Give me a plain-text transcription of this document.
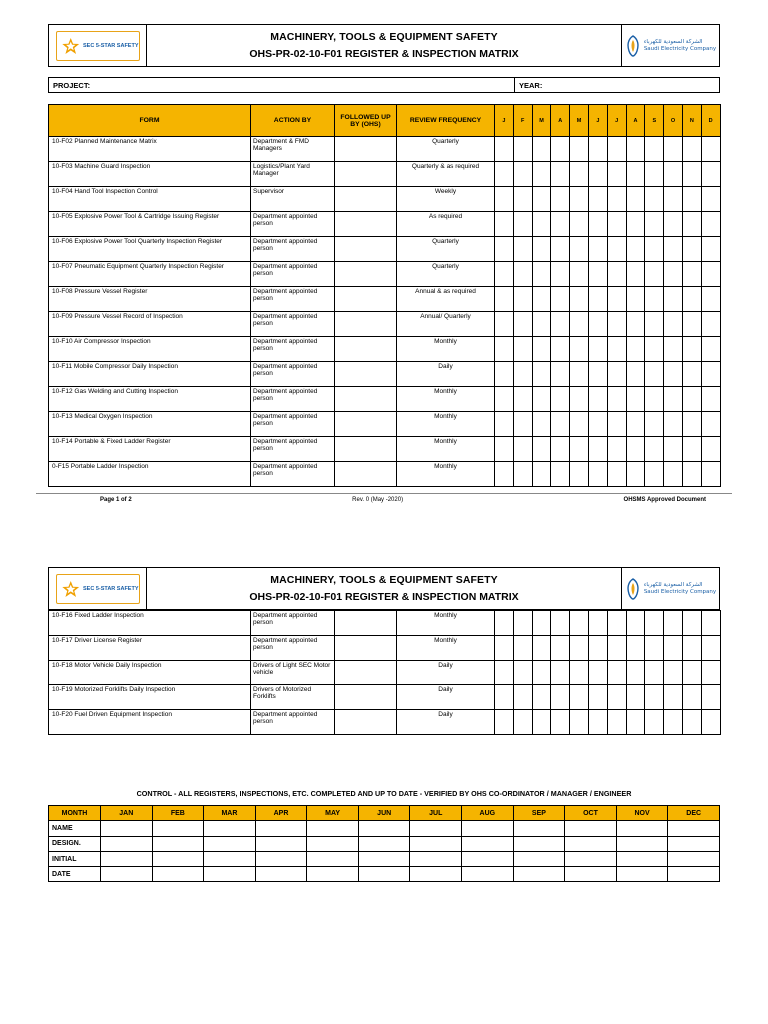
SEC 5-STAR SAFETY
MACHINERY, TOOLS & EQUIPMENT SAFETY
OHS-PR-02-10-F01 REGISTER & INSPECTION MATRIX
الشركة السعودية للكهرباء
Saudi Electricity Company
PROJECT:	YEAR:
FORM	ACTION BY	FOLLOWED UP BY (OHS)	REVIEW FREQUENCY	J	F	M	A	M	J	J	A	S	O	N	D
10-F02 Planned Maintenance Matrix	Department & FMD Managers		Quarterly												
10-F03 Machine Guard Inspection	Logistics/Plant Yard Manager		Quarterly & as required												
10-F04 Hand Tool Inspection Control	Supervisor		Weekly												
10-F05 Explosive Power Tool & Cartridge Issuing Register	Department appointed person		As required												
10-F06 Explosive Power Tool Quarterly Inspection Register	Department appointed person		Quarterly												
10-F07 Pneumatic Equipment Quarterly Inspection Register	Department appointed person		Quarterly												
10-F08 Pressure Vessel Register	Department appointed person		Annual & as required												
10-F09 Pressure Vessel Record of Inspection	Department appointed person		Annual/ Quarterly												
10-F10 Air Compressor Inspection	Department appointed person		Monthly												
10-F11 Mobile Compressor Daily Inspection	Department appointed person		Daily												
10-F12 Gas Welding and Cutting Inspection	Department appointed person		Monthly												
10-F13 Medical Oxygen Inspection	Department appointed person		Monthly												
10-F14 Portable & Fixed Ladder Register	Department appointed person		Monthly												
0-F15 Portable Ladder Inspection	Department appointed person		Monthly												
Page 1 of 2	Rev. 0 (May -2020)	OHSMS Approved Document
SEC 5-STAR SAFETY
MACHINERY, TOOLS & EQUIPMENT SAFETY
OHS-PR-02-10-F01 REGISTER & INSPECTION MATRIX
الشركة السعودية للكهرباء
Saudi Electricity Company
10-F16 Fixed Ladder Inspection	Department appointed person		Monthly												
10-F17 Driver License Register	Department appointed person		Monthly												
10-F18 Motor Vehicle Daily Inspection	Drivers of Light SEC Motor vehicle		Daily												
10-F19 Motorized Forklifts Daily Inspection	Drivers of Motorized Forklifts		Daily												
10-F20 Fuel Driven Equipment Inspection	Department appointed person		Daily												
CONTROL - ALL REGISTERS, INSPECTIONS, ETC. COMPLETED AND UP TO DATE - VERIFIED BY OHS CO-ORDINATOR / MANAGER / ENGINEER
MONTH	JAN	FEB	MAR	APR	MAY	JUN	JUL	AUG	SEP	OCT	NOV	DEC
NAME												
DESIGN.												
INITIAL												
DATE												
